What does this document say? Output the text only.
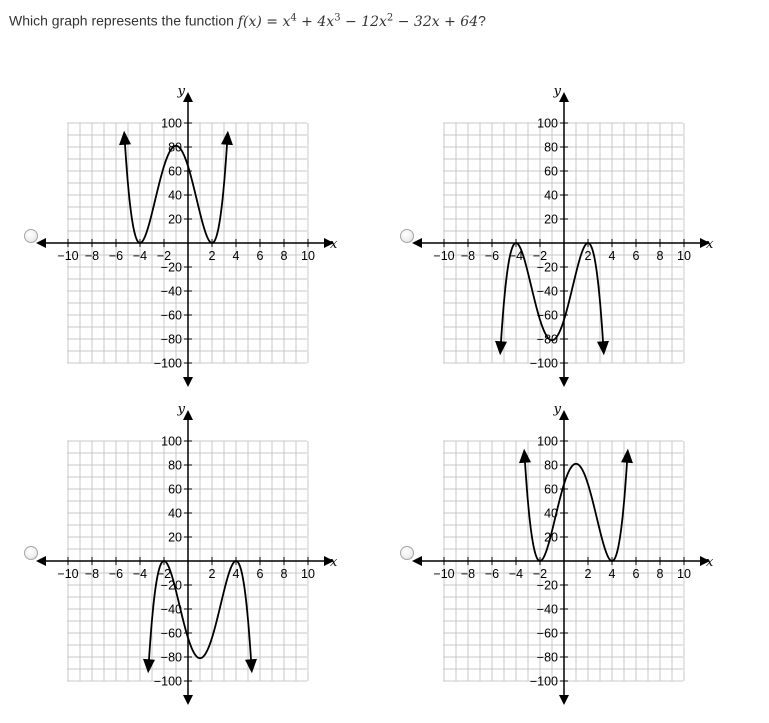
Which graph represents the function $f(x) = x^4 + 4x^3 - 12x^2 - 32x + 64$?
−10 −8 −6 −4 −2	2 4 6 8 10
100
80
60
40
20
−20
−40
−60
−80
−100
x
y
−10 −8 −6 −4 −2	2 4 6 8 10
100
80
60
40
20
−20
−40
−60
−80
−100
x
y
−10 −8 −6 −4 −2	2 4 6 8 10
100
80
60
40
20
−20
−40
−60
−80
−100
x
y
−10 −8 −6 −4 −2	2 4 6 8 10
100
80
60
40
20
−20
−40
−60
−80
−100
x
y
